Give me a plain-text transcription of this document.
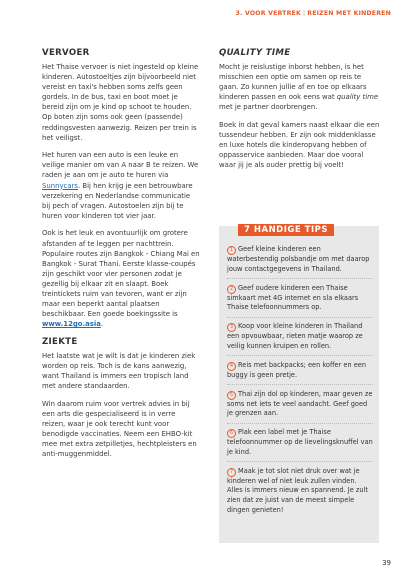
3. VOOR VERTREK | REIZEN MET KINDEREN
VERVOER

Het Thaise vervoer is niet ingesteld op kleine kinderen. Autostoeltjes zijn bijvoorbeeld niet vereist en taxi's hebben soms zelfs geen gordels. In de bus, taxi en boot moet je bereid zijn om je kind op schoot te houden. Op boten zijn soms ook geen (passende) reddingsvesten aanwezig. Reizen per trein is het veiligst.

Het huren van een auto is een leuke en veilige manier om van A naar B te reizen. We raden je aan om je auto te huren via Sunnycars. Bij hen krijg je een betrouwbare verzekering en Nederlandse communicatie bij pech of vragen. Autostoelen zijn bij te huren voor kinderen tot vier jaar.

Ook is het leuk en avontuurlijk om grotere afstanden af te leggen per nachttrein. Populaire routes zijn Bangkok - Chiang Mai en Bangkok - Surat Thani. Eerste klasse-coupés zijn geschikt voor vier personen zodat je gezellig bij elkaar zit en slaapt. Boek treintickets ruim van tevoren, want er zijn maar een beperkt aantal plaatsen beschikbaar. Een goede boekingssite is www.12go.asia.

ZIEKTE

Het laatste wat je wilt is dat je kinderen ziek worden op reis. Toch is de kans aanwezig, want Thailand is immers een tropisch land met andere standaarden.

Win daarom ruim voor vertrek advies in bij een arts die gespecialiseerd is in verre reizen, waar je ook terecht kunt voor benodigde vaccinaties. Neem een EHBO-kit mee met extra zetpilletjes, hechtpleisters en anti-muggenmiddel.

QUALITY TIME

Mocht je reislustige inborst hebben, is het misschien een optie om samen op reis te gaan. Zo kunnen jullie af en toe op elkaars kinderen passen en ook eens wat quality time met je partner doorbrengen.

Boek in dat geval kamers naast elkaar die een tussendeur hebben. Er zijn ook middenklasse en luxe hotels die kinderopvang hebben of oppasservice aanbieden. Maar doe vooral waar jij je als ouder prettig bij voelt!

7 HANDIGE TIPS
1 Geef kleine kinderen een waterbestendig polsbandje om met daarop jouw contactgegevens in Thailand.
2 Geef oudere kinderen een Thaise simkaart met 4G internet en sla elkaars Thaise telefoonnummers op.
3 Koop voor kleine kinderen in Thailand een opvouwbaar, rieten matje waarop ze veilig kunnen kruipen en rollen.
4 Reis met backpacks; een koffer en een buggy is geen pretje.
5 Thai zijn dol op kinderen, maar geven ze soms net iets te veel aandacht. Geef goed je grenzen aan.
6 Plak een label met je Thaise telefoonnummer op de lievelingsknuffel van je kind.
7 Maak je tot slot niet druk over wat je kinderen wel of niet leuk zullen vinden. Alles is immers nieuw en spannend. Je zult zien dat ze juist van de meest simpele dingen genieten!
39
